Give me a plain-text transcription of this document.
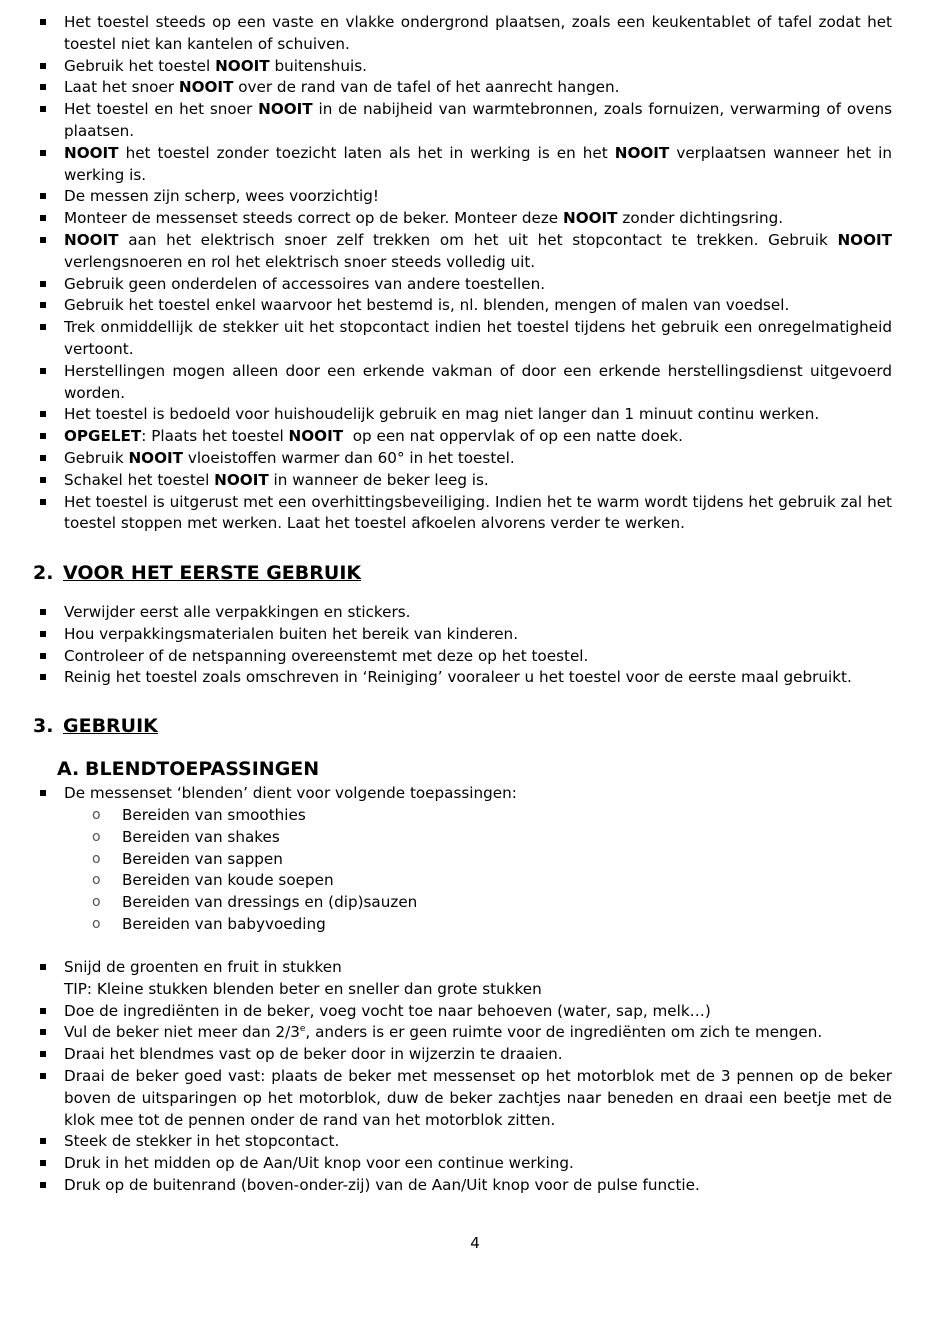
Het toestel steeds op een vaste en vlakke ondergrond plaatsen, zoals een keukentablet of tafel zodat het toestel niet kan kantelen of schuiven.
Gebruik het toestel NOOIT buitenshuis.
Laat het snoer NOOIT over de rand van de tafel of het aanrecht hangen.
Het toestel en het snoer NOOIT in de nabijheid van warmtebronnen, zoals fornuizen, verwarming of ovens plaatsen.
NOOIT het toestel zonder toezicht laten als het in werking is en het NOOIT verplaatsen wanneer het in werking is.
De messen zijn scherp, wees voorzichtig!
Monteer de messenset steeds correct op de beker. Monteer deze NOOIT zonder dichtingsring.
NOOIT aan het elektrisch snoer zelf trekken om het uit het stopcontact te trekken. Gebruik NOOIT verlengsnoeren en rol het elektrisch snoer steeds volledig uit.
Gebruik geen onderdelen of accessoires van andere toestellen.
Gebruik het toestel enkel waarvoor het bestemd is, nl. blenden, mengen of malen van voedsel.
Trek onmiddellijk de stekker uit het stopcontact indien het toestel tijdens het gebruik een onregelmatigheid vertoont.
Herstellingen mogen alleen door een erkende vakman of door een erkende herstellingsdienst uitgevoerd worden.
Het toestel is bedoeld voor huishoudelijk gebruik en mag niet langer dan 1 minuut continu werken.
OPGELET: Plaats het toestel NOOIT  op een nat oppervlak of op een natte doek.
Gebruik NOOIT vloeistoffen warmer dan 60° in het toestel.
Schakel het toestel NOOIT in wanneer de beker leeg is.
Het toestel is uitgerust met een overhittingsbeveiliging. Indien het te warm wordt tijdens het gebruik zal het toestel stoppen met werken. Laat het toestel afkoelen alvorens verder te werken.
2. VOOR HET EERSTE GEBRUIK
Verwijder eerst alle verpakkingen en stickers.
Hou verpakkingsmaterialen buiten het bereik van kinderen.
Controleer of de netspanning overeenstemt met deze op het toestel.
Reinig het toestel zoals omschreven in ‘Reiniging’ vooraleer u het toestel voor de eerste maal gebruikt.
3. GEBRUIK
A. BLENDTOEPASSINGEN
De messenset ‘blenden’ dient voor volgende toepassingen:
o Bereiden van smoothies
o Bereiden van shakes
o Bereiden van sappen
o Bereiden van koude soepen
o Bereiden van dressings en (dip)sauzen
o Bereiden van babyvoeding
Snijd de groenten en fruit in stukken
TIP: Kleine stukken blenden beter en sneller dan grote stukken
Doe de ingrediënten in de beker, voeg vocht toe naar behoeven (water, sap, melk…)
Vul de beker niet meer dan 2/3e, anders is er geen ruimte voor de ingrediënten om zich te mengen.
Draai het blendmes vast op de beker door in wijzerzin te draaien.
Draai de beker goed vast: plaats de beker met messenset op het motorblok met de 3 pennen op de beker boven de uitsparingen op het motorblok, duw de beker zachtjes naar beneden en draai een beetje met de klok mee tot de pennen onder de rand van het motorblok zitten.
Steek de stekker in het stopcontact.
Druk in het midden op de Aan/Uit knop voor een continue werking.
Druk op de buitenrand (boven-onder-zij) van de Aan/Uit knop voor de pulse functie.
4
